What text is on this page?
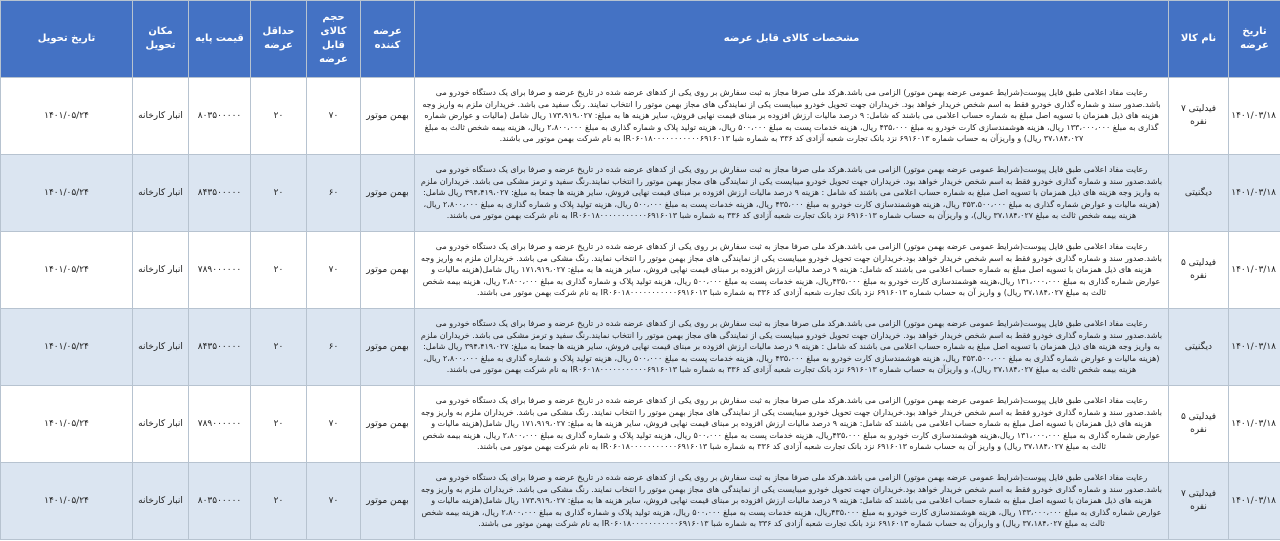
تاریخ عرضه	نام کالا	مشخصات کالای قابل عرضه	عرضه کننده	حجم کالای قابل عرضه	حداقل عرضه	قیمت پایه	مکان تحویل	تاریخ تحویل
۱۴۰۱/۰۳/۱۸	فیدلیتی ۷ نفره	رعایت مفاد اعلامی طبق فایل پیوست(شرایط عمومی عرضه بهمن موتور) الزامی می باشد.هرکد ملی صرفا مجاز به ثبت سفارش بر روی یکی از کدهای عرضه شده در تاریخ عرضه و صرفا برای یک دستگاه خودرو می باشد.صدور سند و شماره گذاری خودرو فقط به اسم شخص خریدار خواهد بود. خریداران جهت تحویل خودرو میبایست یکی از نمایندگی های مجاز بهمن موتور را انتخاب نمایند. رنگ سفید می باشد. خریداران ملزم به واریز وجه هزینه های ذیل همزمان با تسویه اصل مبلغ به شماره حساب اعلامی می باشند که شامل: ۹ درصد مالیات ارزش افزوده بر مبنای قیمت نهایی فروش، سایر هزینه ها به مبلغ: ۱۷۳،۹۱۹،۰۲۷ ریال شامل (مالیات و عوارض شماره گذاری به مبلغ ۱۳۳،۰۰۰،۰۰۰ ریال، هزینه هوشمندسازی کارت خودرو به مبلغ ۴۳۵،۰۰۰ ریال، هزینه خدمات پست به مبلغ ۵۰۰،۰۰۰ ریال، هزینه تولید پلاک و شماره گذاری به مبلغ ۲،۸۰۰،۰۰۰ ریال، هزینه بیمه شخص ثالث به مبلغ ۳۷،۱۸۴،۰۲۷ ریال) و واریزآن به حساب شماره ۶۹۱۶۰۱۳ نزد بانک تجارت شعبه آزادی کد ۳۳۶ به شماره شبا IR۰۶۰۱۸۰۰۰۰۰۰۰۰۰۰۰۶۹۱۶۰۱۳ به نام شرکت بهمن موتور می باشند.	بهمن موتور	۷۰	۲۰	۸۰۳۵۰۰۰۰۰	انبار کارخانه	۱۴۰۱/۰۵/۲۴
۱۴۰۱/۰۳/۱۸	دیگنیتی	رعایت مفاد اعلامی طبق فایل پیوست(شرایط عمومی عرضه بهمن موتور) الزامی می باشد.هرکد ملی صرفا مجاز به ثبت سفارش بر روی یکی از کدهای عرضه شده در تاریخ عرضه و صرفا برای یک دستگاه خودرو می باشد.صدور سند و شماره گذاری خودرو فقط به اسم شخص خریدار خواهد بود. خریداران جهت تحویل خودرو میبایست یکی از نمایندگی های مجاز بهمن موتور را انتخاب نمایند.رنگ سفید و ترمز مشکی می باشد. خریداران ملزم به واریز وجه هزینه های ذیل همزمان با تسویه اصل مبلغ به شماره حساب اعلامی می باشند که شامل : هزینه ۹ درصد مالیات ارزش افزوده بر مبنای قیمت نهایی فروش، سایر هزینه ها جمعا به مبلغ: ۳۹۴،۴۱۹،۰۲۷ ریال شامل:(هزینه مالیات و عوارض شماره گذاری به مبلغ ۳۵۳،۵۰۰،۰۰۰ ریال، هزینه هوشمندسازی کارت خودرو به مبلغ ۴۳۵،۰۰۰ ریال، هزینه خدمات پست به مبلغ ۵۰۰،۰۰۰ ریال، هزینه تولید پلاک و شماره گذاری به مبلغ ۲،۸۰۰،۰۰۰ ریال، هزینه بیمه شخص ثالث به مبلغ ۳۷،۱۸۴،۰۲۷ ریال)، و واریزآن به حساب شماره ۶۹۱۶۰۱۳ نزد بانک تجارت شعبه آزادی کد ۳۳۶ به شماره شبا IR۰۶۰۱۸۰۰۰۰۰۰۰۰۰۰۰۶۹۱۶۰۱۳ به نام شرکت بهمن موتور می باشند.	بهمن موتور	۶۰	۲۰	۸۴۳۵۰۰۰۰۰	انبار کارخانه	۱۴۰۱/۰۵/۲۴
۱۴۰۱/۰۳/۱۸	فیدلیتی ۵ نفره	رعایت مفاد اعلامی طبق فایل پیوست(شرایط عمومی عرضه بهمن موتور) الزامی می باشد.هرکد ملی صرفا مجاز به ثبت سفارش بر روی یکی از کدهای عرضه شده در تاریخ عرضه و صرفا برای یک دستگاه خودرو می باشد.صدور سند و شماره گذاری خودرو فقط به اسم شخص خریدار خواهد بود.خریداران جهت تحویل خودرو میبایست یکی از نمایندگی های مجاز بهمن موتور را انتخاب نمایند. رنگ مشکی می باشد. خریداران ملزم به واریز وجه هزینه های ذیل همزمان با تسویه اصل مبلغ به شماره حساب اعلامی می باشند که شامل: هزینه ۹ درصد مالیات ارزش افزوده بر مبنای قیمت نهایی فروش، سایر هزینه ها به مبلغ: ۱۷۱،۹۱۹،۰۲۷ ریال شامل(هزینه مالیات و عوارض شماره گذاری به مبلغ ۱۳۱،۰۰۰،۰۰۰ ریال،هزینه هوشمندسازی کارت خودرو به مبلغ ۴۳۵،۰۰۰ریال، هزینه خدمات پست به مبلغ ۵۰۰،۰۰۰ ریال، هزینه تولید پلاک و شماره گذاری به مبلغ ۲،۸۰۰،۰۰۰ ریال، هزینه بیمه شخص ثالث به مبلغ ۳۷،۱۸۴،۰۲۷ ریال) و واریز آن به حساب شماره ۶۹۱۶۰۱۳ نزد بانک تجارت شعبه آزادی کد ۳۳۶ به شماره شبا IR۰۶۰۱۸۰۰۰۰۰۰۰۰۰۰۰۶۹۱۶۰۱۳ به نام شرکت بهمن موتور می باشند.	بهمن موتور	۷۰	۲۰	۷۸۹۰۰۰۰۰۰	انبار کارخانه	۱۴۰۱/۰۵/۲۴
۱۴۰۱/۰۳/۱۸	دیگنیتی	رعایت مفاد اعلامی طبق فایل پیوست(شرایط عمومی عرضه بهمن موتور) الزامی می باشد.هرکد ملی صرفا مجاز به ثبت سفارش بر روی یکی از کدهای عرضه شده در تاریخ عرضه و صرفا برای یک دستگاه خودرو می باشد.صدور سند و شماره گذاری خودرو فقط به اسم شخص خریدار خواهد بود. خریداران جهت تحویل خودرو میبایست یکی از نمایندگی های مجاز بهمن موتور را انتخاب نمایند.رنگ سفید و ترمز مشکی می باشد. خریداران ملزم به واریز وجه هزینه های ذیل همزمان با تسویه اصل مبلغ به شماره حساب اعلامی می باشند که شامل : هزینه ۹ درصد مالیات ارزش افزوده بر مبنای قیمت نهایی فروش، سایر هزینه ها جمعا به مبلغ: ۳۹۴،۴۱۹،۰۲۷ ریال شامل:(هزینه مالیات و عوارض شماره گذاری به مبلغ ۳۵۳،۵۰۰،۰۰۰ ریال، هزینه هوشمندسازی کارت خودرو به مبلغ ۴۳۵،۰۰۰ ریال، هزینه خدمات پست به مبلغ ۵۰۰،۰۰۰ ریال، هزینه تولید پلاک و شماره گذاری به مبلغ ۲،۸۰۰،۰۰۰ ریال، هزینه بیمه شخص ثالث به مبلغ ۳۷،۱۸۴،۰۲۷ ریال)، و واریزآن به حساب شماره ۶۹۱۶۰۱۳ نزد بانک تجارت شعبه آزادی کد ۳۳۶ به شماره شبا IR۰۶۰۱۸۰۰۰۰۰۰۰۰۰۰۰۶۹۱۶۰۱۳ به نام شرکت بهمن موتور می باشند.	بهمن موتور	۶۰	۲۰	۸۴۳۵۰۰۰۰۰	انبار کارخانه	۱۴۰۱/۰۵/۲۴
۱۴۰۱/۰۳/۱۸	فیدلیتی ۵ نفره	رعایت مفاد اعلامی طبق فایل پیوست(شرایط عمومی عرضه بهمن موتور) الزامی می باشد.هرکد ملی صرفا مجاز به ثبت سفارش بر روی یکی از کدهای عرضه شده در تاریخ عرضه و صرفا برای یک دستگاه خودرو می باشد.صدور سند و شماره گذاری خودرو فقط به اسم شخص خریدار خواهد بود.خریداران جهت تحویل خودرو میبایست یکی از نمایندگی های مجاز بهمن موتور را انتخاب نمایند. رنگ مشکی می باشد. خریداران ملزم به واریز وجه هزینه های ذیل همزمان با تسویه اصل مبلغ به شماره حساب اعلامی می باشند که شامل: هزینه ۹ درصد مالیات ارزش افزوده بر مبنای قیمت نهایی فروش، سایر هزینه ها به مبلغ: ۱۷۱،۹۱۹،۰۲۷ ریال شامل(هزینه مالیات و عوارض شماره گذاری به مبلغ ۱۳۱،۰۰۰،۰۰۰ ریال،هزینه هوشمندسازی کارت خودرو به مبلغ ۴۳۵،۰۰۰ریال، هزینه خدمات پست به مبلغ ۵۰۰،۰۰۰ ریال، هزینه تولید پلاک و شماره گذاری به مبلغ ۲،۸۰۰،۰۰۰ ریال، هزینه بیمه شخص ثالث به مبلغ ۳۷،۱۸۴،۰۲۷ ریال) و واریز آن به حساب شماره ۶۹۱۶۰۱۳ نزد بانک تجارت شعبه آزادی کد ۳۳۶ به شماره شبا IR۰۶۰۱۸۰۰۰۰۰۰۰۰۰۰۰۶۹۱۶۰۱۳ به نام شرکت بهمن موتور می باشند.	بهمن موتور	۷۰	۲۰	۷۸۹۰۰۰۰۰۰	انبار کارخانه	۱۴۰۱/۰۵/۲۴
۱۴۰۱/۰۳/۱۸	فیدلیتی ۷ نفره	رعایت مفاد اعلامی طبق فایل پیوست(شرایط عمومی عرضه بهمن موتور) الزامی می باشد.هرکد ملی صرفا مجاز به ثبت سفارش بر روی یکی از کدهای عرضه شده در تاریخ عرضه و صرفا برای یک دستگاه خودرو می باشد.صدور سند و شماره گذاری خودرو فقط به اسم شخص خریدار خواهد بود.خریداران جهت تحویل خودرو میبایست یکی از نمایندگی های مجاز بهمن موتور را انتخاب نمایند. رنگ مشکی می باشد. خریداران ملزم به واریز وجه هزینه های ذیل همزمان با تسویه اصل مبلغ به شماره حساب اعلامی می باشند که شامل: هزینه ۹ درصد مالیات ارزش افزوده بر مبنای قیمت نهایی فروش، سایر هزینه ها به مبلغ: ۱۷۳،۹۱۹،۰۲۷ ریال شامل(هزینه مالیات و عوارض شماره گذاری به مبلغ ۱۳۳،۰۰۰،۰۰۰ ریال، هزینه هوشمندسازی کارت خودرو به مبلغ ۴۳۵،۰۰۰ریال، هزینه خدمات پست به مبلغ ۵۰۰،۰۰۰ ریال، هزینه تولید پلاک و شماره گذاری به مبلغ ۲،۸۰۰،۰۰۰ ریال، هزینه بیمه شخص ثالث به مبلغ ۳۷،۱۸۴،۰۲۷ ریال) و واریزآن به حساب شماره ۶۹۱۶۰۱۳ نزد بانک تجارت شعبه آزادی کد ۳۳۶ به شماره شبا IR۰۶۰۱۸۰۰۰۰۰۰۰۰۰۰۰۶۹۱۶۰۱۳ به نام شرکت بهمن موتور می باشند.	بهمن موتور	۷۰	۲۰	۸۰۳۵۰۰۰۰۰	انبار کارخانه	۱۴۰۱/۰۵/۲۴
